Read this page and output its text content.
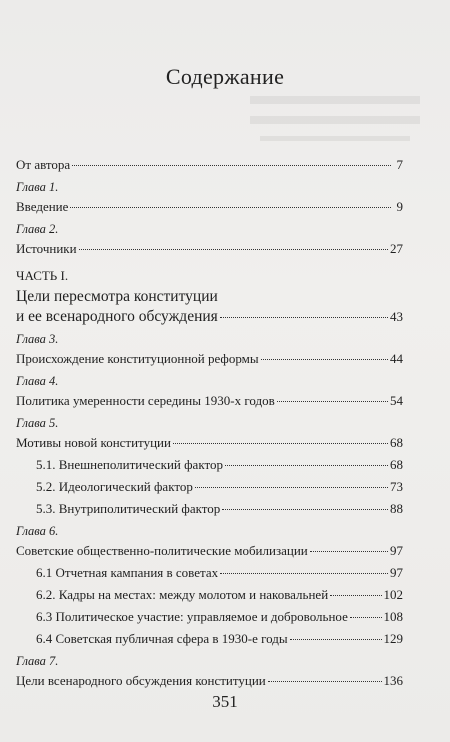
Содержание
От автора	7
Глава 1.
Введение	9
Глава 2.
Источники	27
ЧАСТЬ I.
Цели пересмотра конституции
и ее всенародного обсуждения	43
Глава 3.
Происхождение конституционной реформы	44
Глава 4.
Политика умеренности середины 1930-х годов	54
Глава 5.
Мотивы новой конституции	68
5.1. Внешнеполитический фактор	68
5.2. Идеологический фактор	73
5.3. Внутриполитический фактор	88
Глава 6.
Советские общественно-политические мобилизации	97
6.1 Отчетная кампания в советах	97
6.2. Кадры на местах: между молотом и наковальней	102
6.3 Политическое участие: управляемое и добровольное	108
6.4 Советская публичная сфера в 1930-е годы	129
Глава 7.
Цели всенародного обсуждения конституции	136
351
